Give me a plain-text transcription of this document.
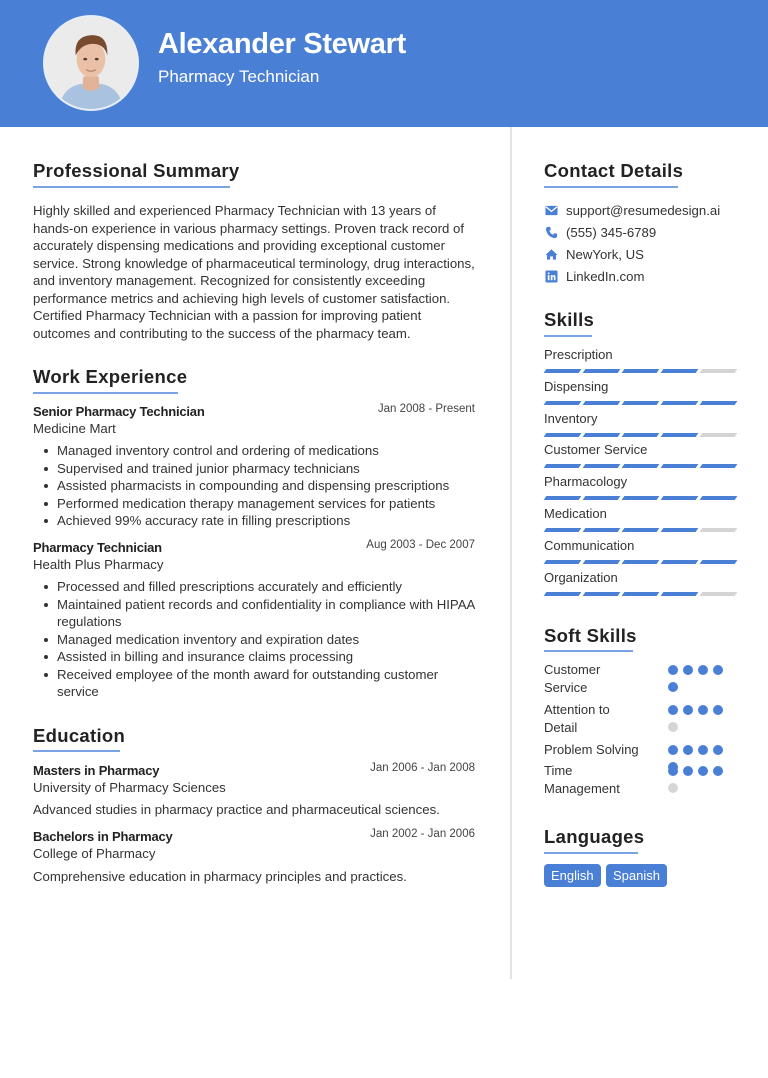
Alexander Stewart
Pharmacy Technician
Professional Summary
Highly skilled and experienced Pharmacy Technician with 13 years of hands-on experience in various pharmacy settings. Proven track record of accurately dispensing medications and providing exceptional customer service. Strong knowledge of pharmaceutical terminology, drug interactions, and inventory management. Recognized for consistently exceeding performance metrics and achieving high levels of customer satisfaction. Certified Pharmacy Technician with a passion for improving patient outcomes and contributing to the success of the pharmacy team.
Work Experience
Senior Pharmacy Technician	Jan 2008 - Present
Medicine Mart
Managed inventory control and ordering of medications
Supervised and trained junior pharmacy technicians
Assisted pharmacists in compounding and dispensing prescriptions
Performed medication therapy management services for patients
Achieved 99% accuracy rate in filling prescriptions
Pharmacy Technician	Aug 2003 - Dec 2007
Health Plus Pharmacy
Processed and filled prescriptions accurately and efficiently
Maintained patient records and confidentiality in compliance with HIPAA regulations
Managed medication inventory and expiration dates
Assisted in billing and insurance claims processing
Received employee of the month award for outstanding customer service
Education
Masters in Pharmacy	Jan 2006 - Jan 2008
University of Pharmacy Sciences
Advanced studies in pharmacy practice and pharmaceutical sciences.
Bachelors in Pharmacy	Jan 2002 - Jan 2006
College of Pharmacy
Comprehensive education in pharmacy principles and practices.
Contact Details
support@resumedesign.ai
(555) 345-6789
NewYork, US
LinkedIn.com
Skills
Prescription
Dispensing
Inventory
Customer Service
Pharmacology
Medication
Communication
Organization
Soft Skills
Customer Service
Attention to Detail
Problem Solving
Time Management
Languages
English	Spanish
